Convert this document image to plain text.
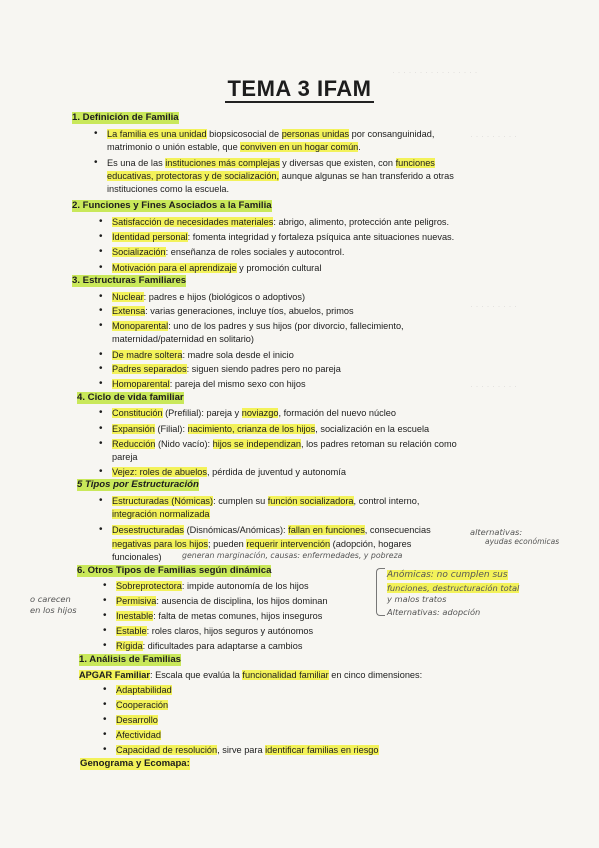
· · · · · · · · · · · · · · · ·
· · · · · · · · ·
· · · · · · · · ·
· · · · · · · · ·
TEMA 3 IFAM
1. Definición de Familia
• La familia es una unidad biopsicosocial de personas unidas por consanguinidad,
matrimonio o unión estable, que conviven en un hogar común.
• Es una de las instituciones más complejas y diversas que existen, con funciones
educativas, protectoras y de socialización, aunque algunas se han transferido a otras
instituciones como la escuela.
2. Funciones y Fines Asociados a la Familia
• Satisfacción de necesidades materiales: abrigo, alimento, protección ante peligros.
• Identidad personal: fomenta integridad y fortaleza psíquica ante situaciones nuevas.
• Socialización: enseñanza de roles sociales y autocontrol.
• Motivación para el aprendizaje y promoción cultural
3. Estructuras Familiares
• Nuclear: padres e hijos (biológicos o adoptivos)
• Extensa: varias generaciones, incluye tíos, abuelos, primos
• Monoparental: uno de los padres y sus hijos (por divorcio, fallecimiento,
maternidad/paternidad en solitario)
• De madre soltera: madre sola desde el inicio
• Padres separados: siguen siendo padres pero no pareja
• Homoparental: pareja del mismo sexo con hijos
4. Ciclo de vida familiar
• Constitución (Prefilial): pareja y noviazgo, formación del nuevo núcleo
• Expansión (Filial): nacimiento, crianza de los hijos, socialización en la escuela
• Reducción (Nido vacío): hijos se independizan, los padres retoman su relación como
pareja
• Vejez: roles de abuelos, pérdida de juventud y autonomía
5 Tipos por Estructuración
• Estructuradas (Nómicas): cumplen su función socializadora, control interno,
integración normalizada
• Desestructuradas (Disnómicas/Anómicas): fallan en funciones, consecuencias
negativas para los hijos; pueden requerir intervención (adopción, hogares
funcionales)
6. Otros Tipos de Familias según dinámica
• Sobreprotectora: impide autonomía de los hijos
• Permisiva: ausencia de disciplina, los hijos dominan
• Inestable: falta de metas comunes, hijos inseguros
• Estable: roles claros, hijos seguros y autónomos
• Rígida: dificultades para adaptarse a cambios
1. Análisis de Familias
APGAR Familiar: Escala que evalúa la funcionalidad familiar en cinco dimensiones:
• Adaptabilidad
• Cooperación
• Desarrollo
• Afectividad
• Capacidad de resolución, sirve para identificar familias en riesgo
Genograma y Ecomapa:
alternativas:
ayudas económicas
generan marginación, causas: enfermedades, y pobreza
Anómicas: no cumplen sus
funciones, destructuración total
y malos tratos
Alternativas: adopción
o carecen
en los hijos
